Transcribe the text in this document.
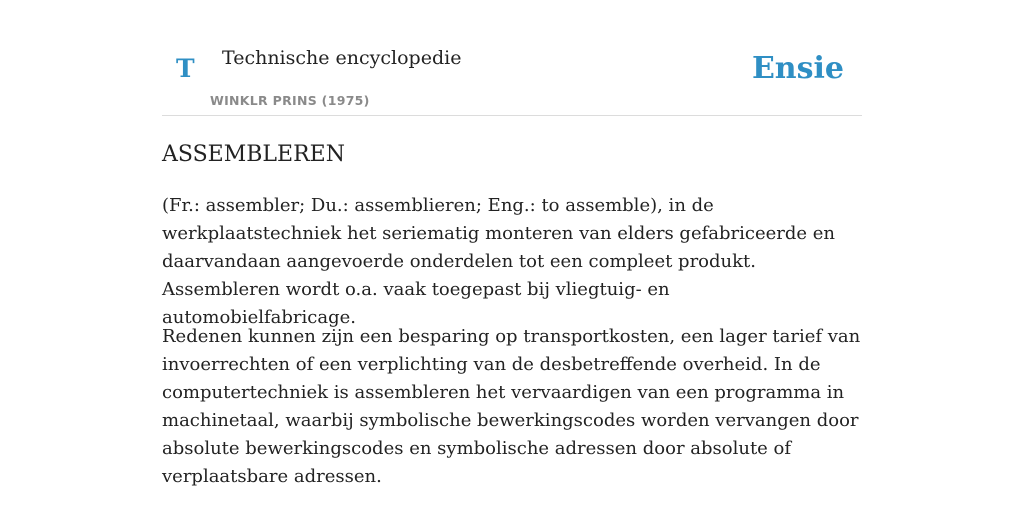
T Technische encyclopedie
WINKLR PRINS (1975)
Ensie
ASSEMBLEREN

(Fr.: assembler; Du.: assemblieren; Eng.: to assemble), in de werkplaatstechniek het seriematig monteren van elders gefabriceerde en daarvandaan aangevoerde onderdelen tot een compleet produkt. Assembleren wordt o.a. vaak toegepast bij vliegtuig- en automobielfabricage.

Redenen kunnen zijn een besparing op transportkosten, een lager tarief van invoerrechten of een verplichting van de desbetreffende overheid. In de computertechniek is assembleren het vervaardigen van een programma in machinetaal, waarbij symbolische bewerkingscodes worden vervangen door absolute bewerkingscodes en symbolische adressen door absolute of verplaatsbare adressen.
